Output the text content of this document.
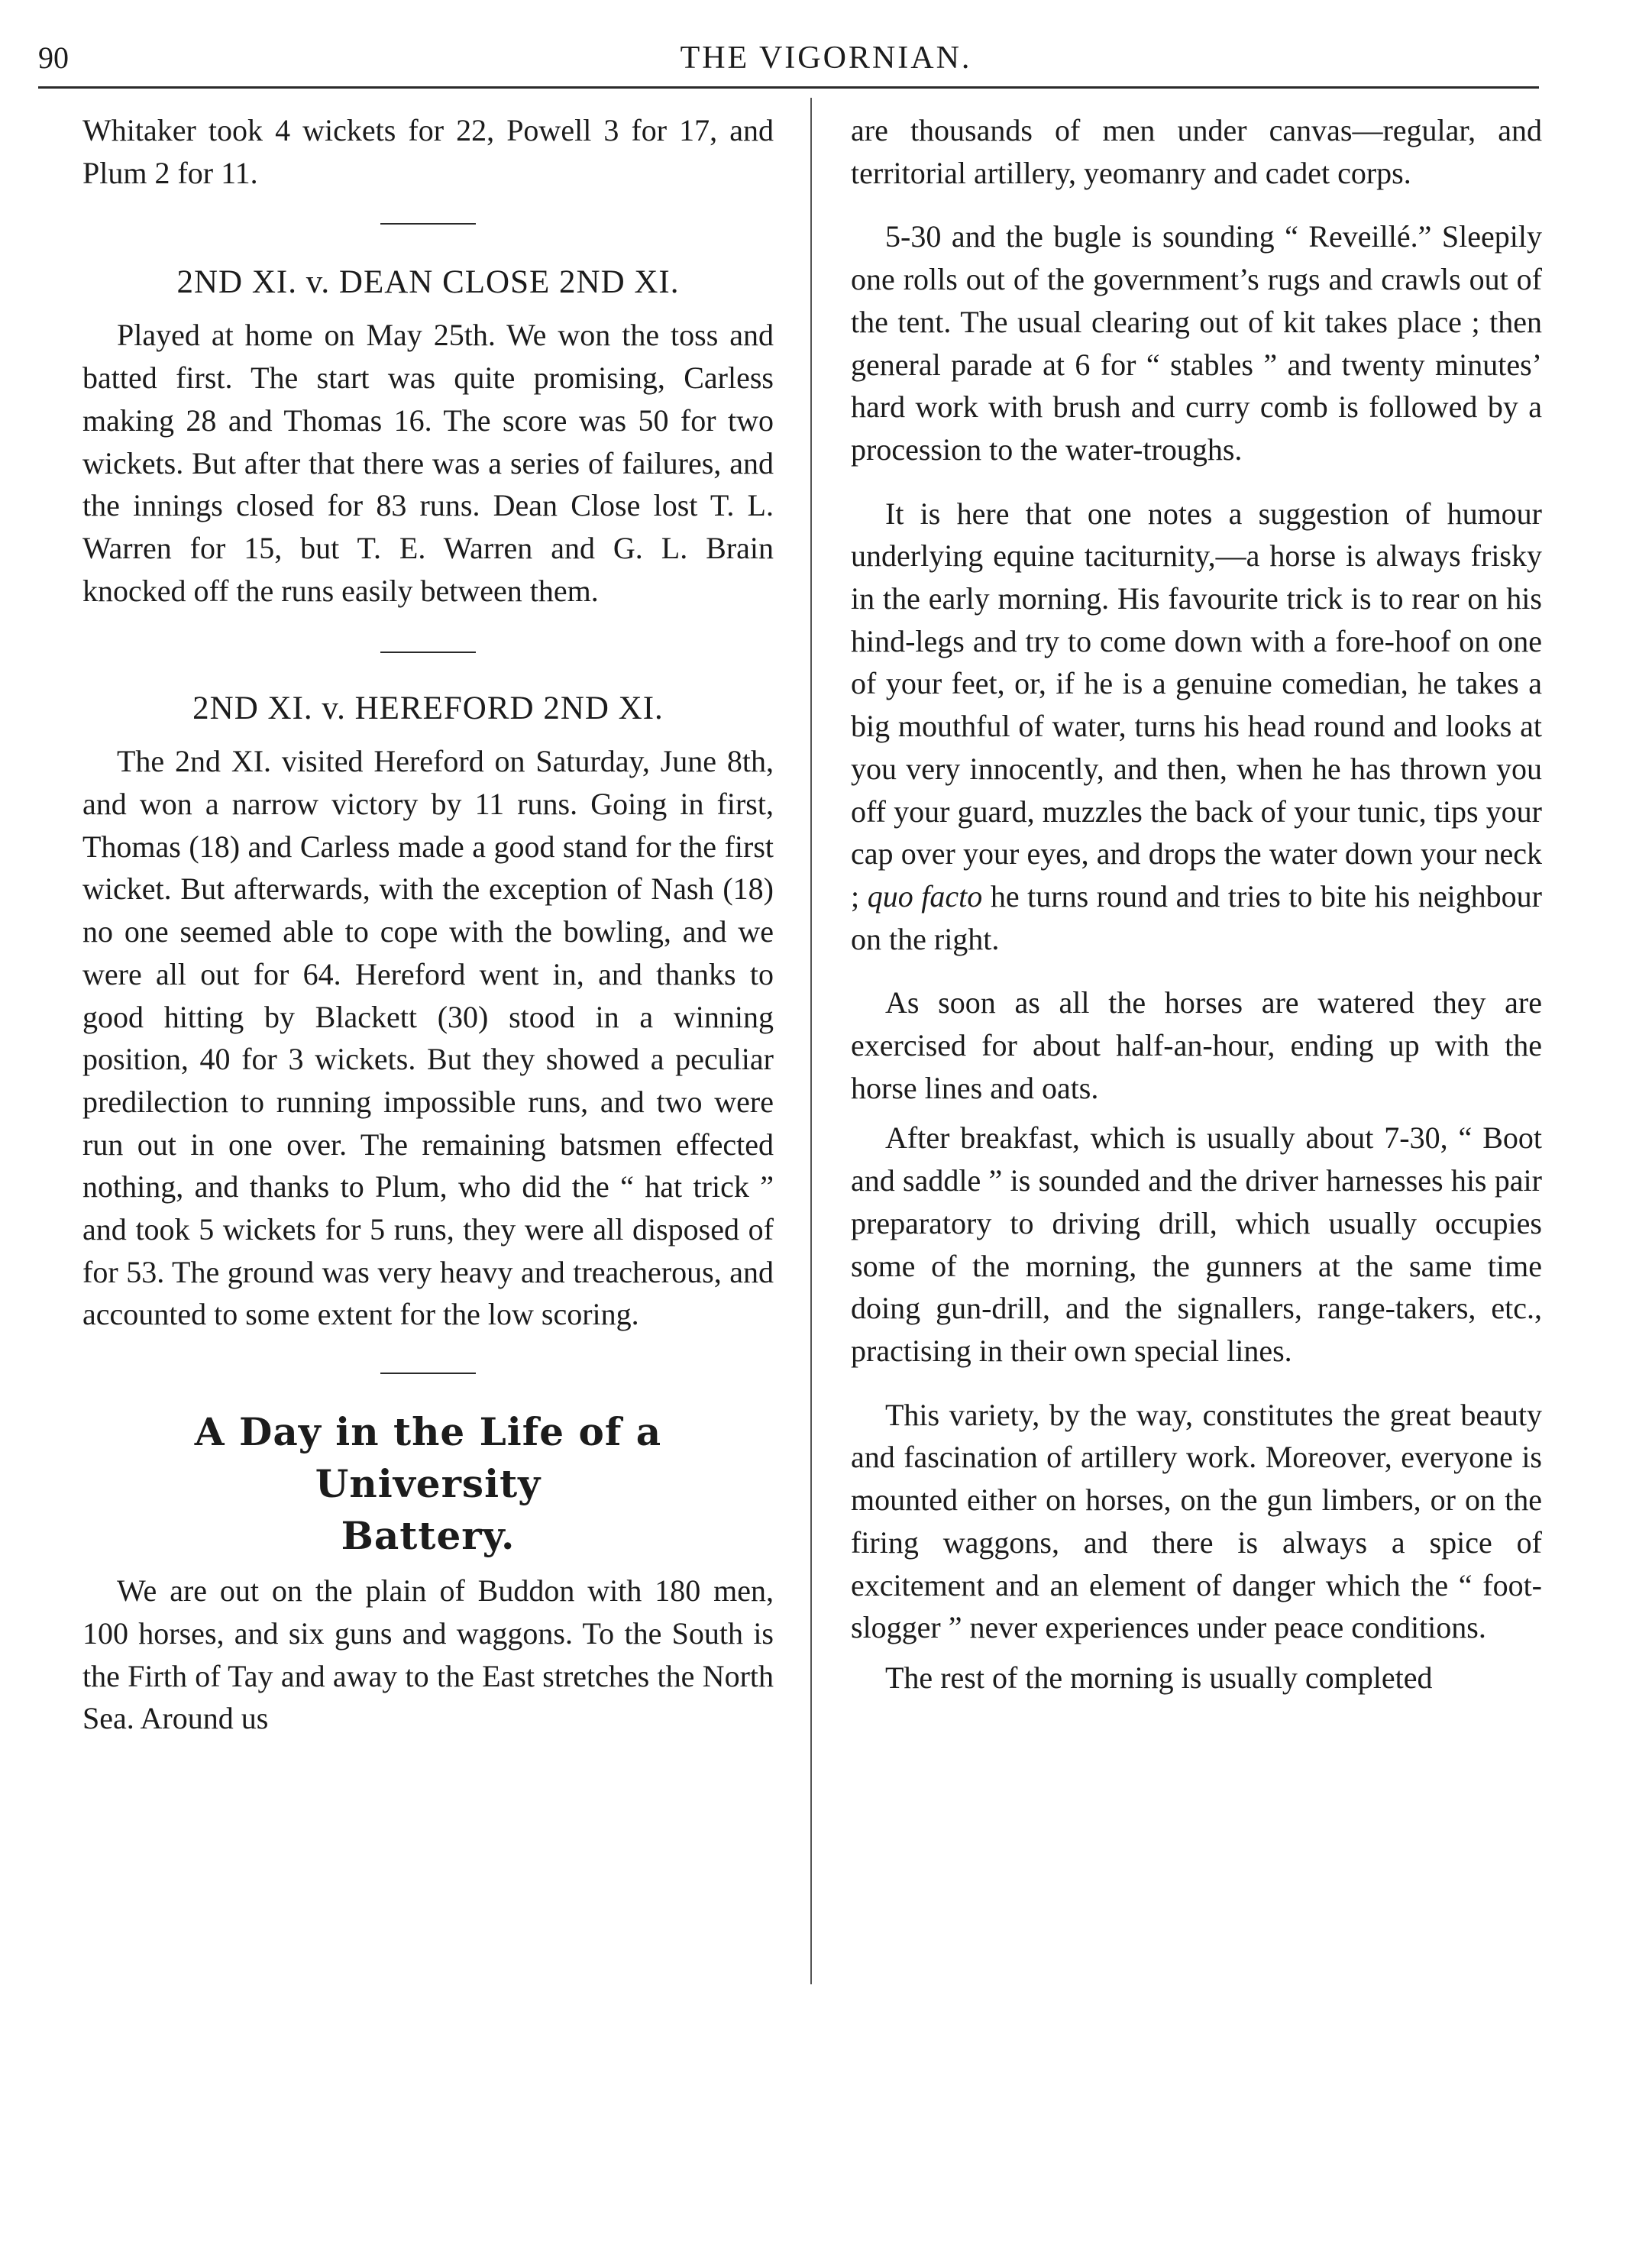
90	THE VIGORNIAN.

Whitaker took 4 wickets for 22, Powell 3 for 17, and Plum 2 for 11.

2ND XI. v. DEAN CLOSE 2ND XI.

Played at home on May 25th. We won the toss and batted first. The start was quite promising, Carless making 28 and Thomas 16. The score was 50 for two wickets. But after that there was a series of failures, and the innings closed for 83 runs. Dean Close lost T. L. Warren for 15, but T. E. Warren and G. L. Brain knocked off the runs easily between them.

2ND XI. v. HEREFORD 2ND XI.

The 2nd XI. visited Hereford on Saturday, June 8th, and won a narrow victory by 11 runs. Going in first, Thomas (18) and Carless made a good stand for the first wicket. But afterwards, with the exception of Nash (18) no one seemed able to cope with the bowling, and we were all out for 64. Hereford went in, and thanks to good hitting by Blackett (30) stood in a winning position, 40 for 3 wickets. But they showed a peculiar predilection to running impossible runs, and two were run out in one over. The remaining batsmen effected nothing, and thanks to Plum, who did the “ hat trick ” and took 5 wickets for 5 runs, they were all disposed of for 53. The ground was very heavy and treacherous, and accounted to some extent for the low scoring.

A Day in the Life of a University
Battery.

We are out on the plain of Buddon with 180 men, 100 horses, and six guns and waggons. To the South is the Firth of Tay and away to the East stretches the North Sea. Around us

are thousands of men under canvas—regular, and territorial artillery, yeomanry and cadet corps.

5-30 and the bugle is sounding “ Reveillé.” Sleepily one rolls out of the government’s rugs and crawls out of the tent. The usual clearing out of kit takes place ; then general parade at 6 for “ stables ” and twenty minutes’ hard work with brush and curry comb is followed by a procession to the water-troughs.

It is here that one notes a suggestion of humour underlying equine taciturnity,—a horse is always frisky in the early morning. His favourite trick is to rear on his hind-legs and try to come down with a fore-hoof on one of your feet, or, if he is a genuine comedian, he takes a big mouthful of water, turns his head round and looks at you very innocently, and then, when he has thrown you off your guard, muzzles the back of your tunic, tips your cap over your eyes, and drops the water down your neck ; quo facto he turns round and tries to bite his neighbour on the right.

As soon as all the horses are watered they are exercised for about half-an-hour, ending up with the horse lines and oats.

After breakfast, which is usually about 7-30, “ Boot and saddle ” is sounded and the driver harnesses his pair preparatory to driving drill, which usually occupies some of the morning, the gunners at the same time doing gun-drill, and the signallers, range-takers, etc., practising in their own special lines.

This variety, by the way, constitutes the great beauty and fascination of artillery work. Moreover, everyone is mounted either on horses, on the gun limbers, or on the firing waggons, and there is always a spice of excitement and an element of danger which the “ foot-slogger ” never experiences under peace conditions.

The rest of the morning is usually completed
